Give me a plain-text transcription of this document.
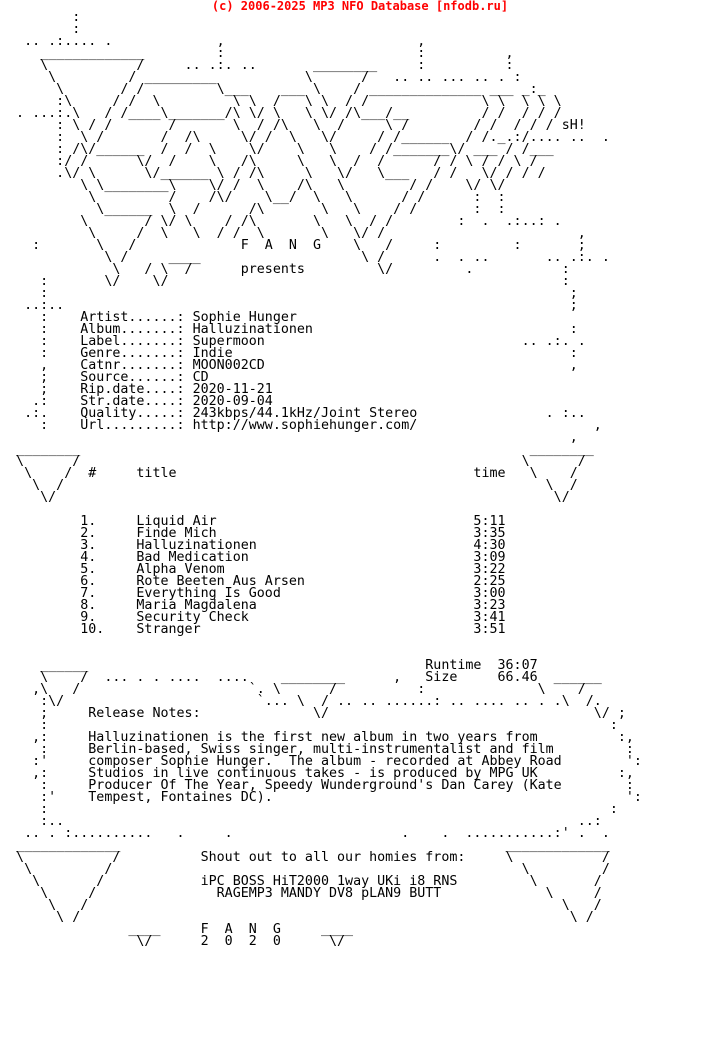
(c) 2006-2025 MP3 NFO Database [nfodb.ru]
:
:
.. .:.... .             ,                        ,
_____________         :                        :          ,
\           /     .. .:. ..       ________     :          :
\         / _________           \      /   .. .. ... .. . :
\       / /         \___    ___ \    / ______________ ___ _:_
:\     / /  \         \ \  /   \ \  / /              \ \  \ \ \
. ...:.\   / /____\_______/\ \/ \   \ \/ /\___/__         / /  / / /
: \ / /       /       \  / /\   \  /     \ /        / /  / / / sH!
:  \ /       /  /\     \/ /  \   \/     / /______  / /._.:/.... ..  .
: /\/______  /  /  \    \/    \   \    / /_______\/ ___ / /___
:/ /      \/  /    \   /\     \   \  /  /      / / \ / / \ /
.\/ \      \/______ \ / /\     \   \/   \___   / /   \/ / / /
\ \________\    \/ /  \    /\   \        / /    \/ \/
\         /    /\/    \__/  \   \      / /      :  :
\______  \  /      /\       \   \    / /       :  :
\       / \/ \    / /\       \   \  / /        :  .  .:..: .
\     /  \   \  / /  \       \   \/ /                        ,
:       \   /             F  A  N  G    \   /     :         :       ;
\ /     ____                    \ /      .  . ..       .. .:. .
\   / \  /      presents         \/         .           :
:       \/    \/                                                 :
:                                                                 ;
..:..                                                               ;
:    Artist......: Sophie Hunger
:    Album.......: Halluzinationen                                :
:    Label.......: Supermoon                                .. .:. .
:    Genre.......: Indie                                          :
,    Catnr.......: MOON002CD                                      ,
;    Source......: CD
;    Rip.date....: 2020-11-21
.:    Str.date....: 2020-09-04
.:.    Quality.....: 243kbps/44.1kHz/Joint Stereo                . :..
:    Url.........: http://www.sophiehunger.com/                      ,
,
________                                                        ________
\      /                                                       \      /
\    /  #     title                                     time   \    /
\  /                                                            \  /
\/                                                              \/

1.     Liquid Air                                5:11
2.     Finde Mich                                3:35
3.     Halluzinationen                           4:30
4.     Bad Medication                            3:09
5.     Alpha Venom                               3:22
6.     Rote Beeten Aus Arsen                     2:25
7.     Everything Is Good                        3:00
8.     Maria Magdalena                           3:23
9.     Security Check                            3:41
10.    Stranger                                  3:51

______                                          Runtime  36:07
\    /  ... . . ....  ....    ________      ,   Size     66.46  ______
,\   /                     `. \      /          :              \    /
:\/                        `... \  / .. .. ......: .. .... .. . .\  /.
;     Release Notes:              \/                                 \/ ;
:                                                                      :
,:     Halluzinationen is the first new album in two years from          :,
:     Berlin-based, Swiss singer, multi-instrumentalist and film         :
:'     composer Sophie Hunger.  The album - recorded at Abbey Road        ':
,:     Studios in live continuous takes - is produced by MPG UK          :,
:     Producer Of The Year, Speedy Wunderground's Dan Carey (Kate        :
:'    Tempest, Fontaines DC).                                            ':
:                                                                      :
:..                                                                ..:
.. . :..........   .     .                     .    .  ...........:' .  .
_____________                                                _____________
\           /          Shout out to all our homies from:     \           /
\         /                                                   \         /
\       /            iPC BOSS HiT2000 1way UKi i8 RNS         \       /
\     /               RAGEMP3 MANDY DV8 pLAN9 BUTT             \     /
\   /                                                           \   /
\ /                                                             \ /
____     F  A  N  G     ____
\/      2  0  2  0      \/
